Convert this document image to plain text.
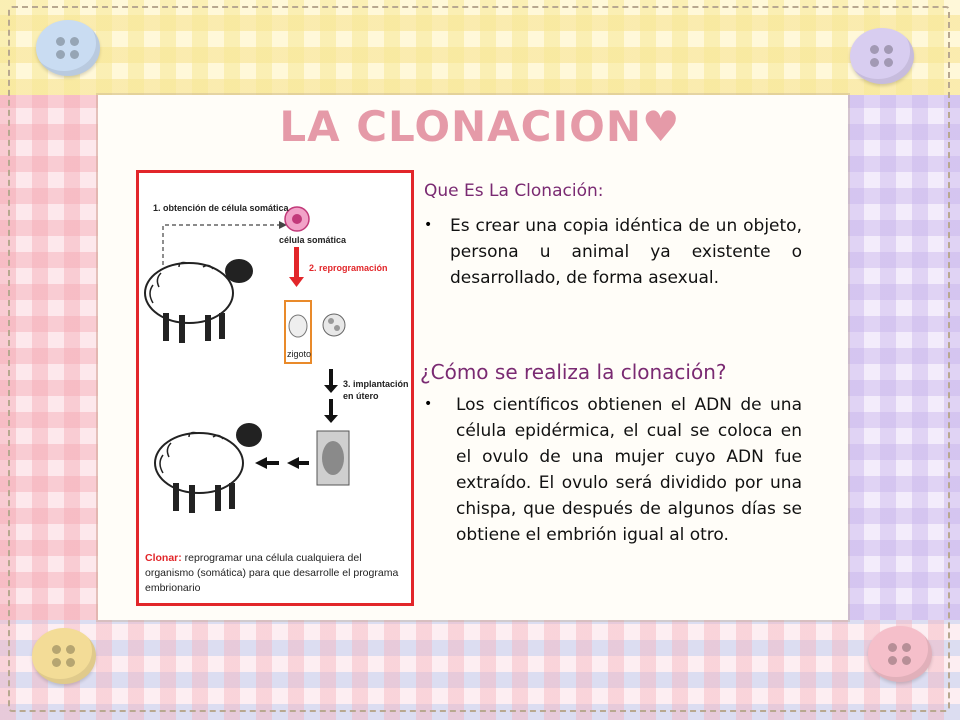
LA CLONACION♥
1. obtención de célula somática
célula somática
2. reprogramación
zigoto
3. implantación
en útero
Clonar: reprogramar una célula cualquiera del organismo (somática) para que desarrolle el programa embrionario
Que Es La Clonación:
•	Es crear una copia idéntica de un objeto, persona u animal ya existente o desarrollado, de forma asexual.
¿Cómo se realiza la clonación?
•	Los científicos obtienen el ADN de una célula epidérmica, el cual se coloca en el ovulo de una mujer cuyo ADN fue extraído. El ovulo será dividido por una chispa, que después de algunos días se obtiene el embrión igual al otro.
